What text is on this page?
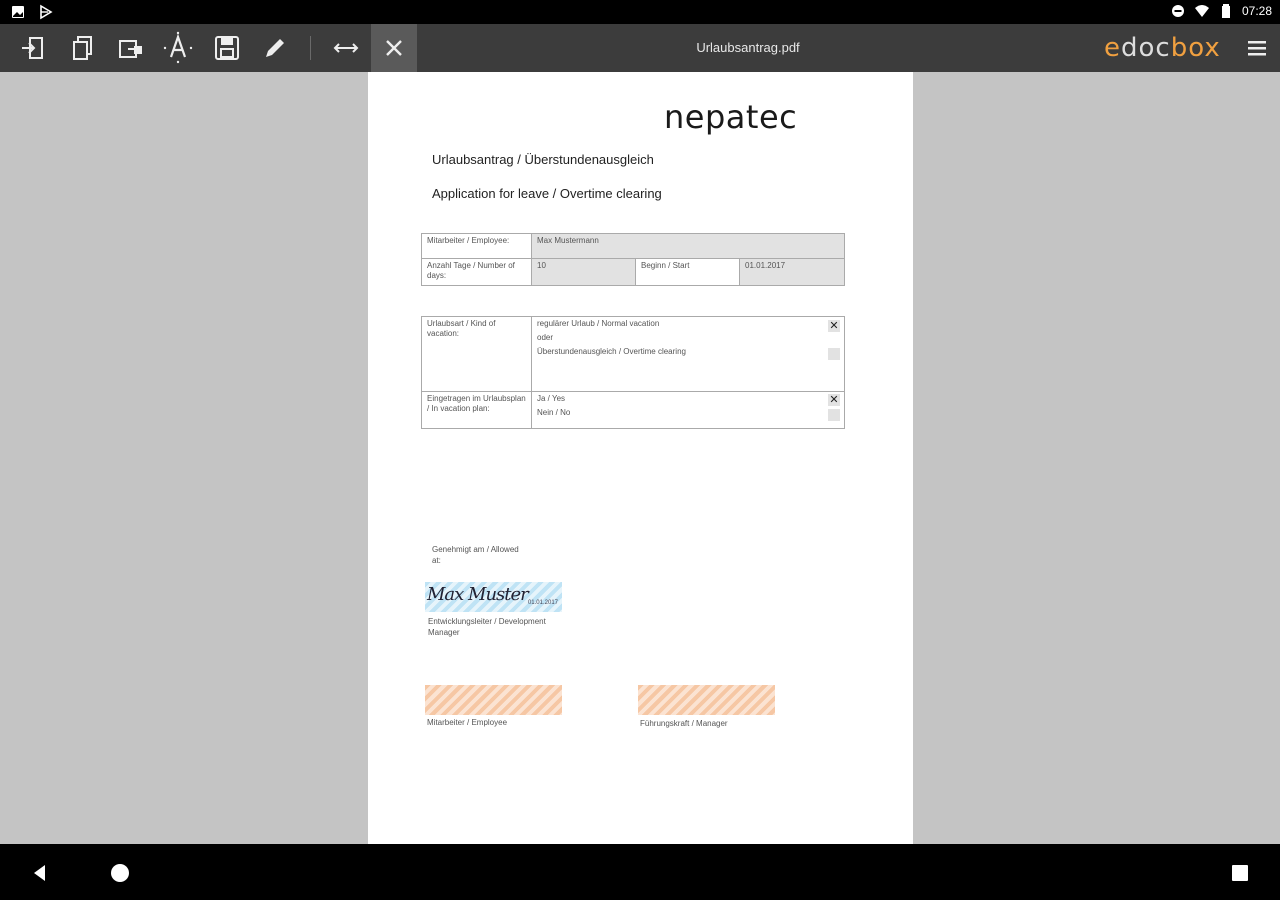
07:28
Urlaubsantrag.pdf	edocbox
nepatec
Urlaubsantrag / Überstundenausgleich
Application for leave / Overtime clearing
Mitarbeiter / Employee:	Max Mustermann		
Anzahl Tage / Number of days:	10	Beginn / Start	01.01.2017
Urlaubsart / Kind of vacation:	regulärer Urlaub / Normal vacation
oder
Überstundenausgleich / Overtime clearing
✕

Eingetragen im Urlaubsplan / In vacation plan:	Ja / Yes
Nein / No
✕
Genehmigt am / Allowed at:
Max Muster 01.01.2017
Entwicklungsleiter / Development Manager
Mitarbeiter / Employee	Führungskraft / Manager
